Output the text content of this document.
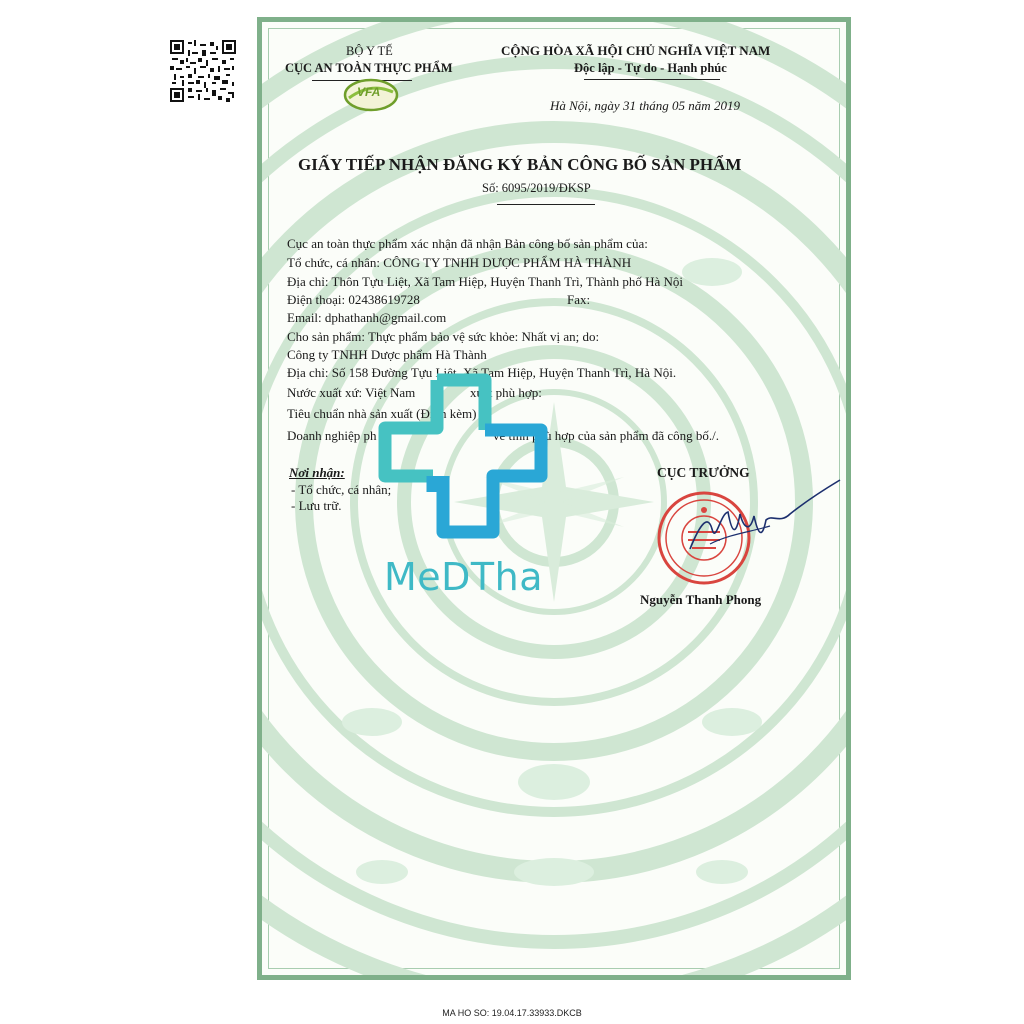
BỘ Y TẾ
CỤC AN TOÀN THỰC PHẨM
VFA
CỘNG HÒA XÃ HỘI CHỦ NGHĨA VIỆT NAM
Độc lập - Tự do - Hạnh phúc
Hà Nội, ngày 31 tháng 05 năm 2019
GIẤY TIẾP NHẬN ĐĂNG KÝ BẢN CÔNG BỐ SẢN PHẨM
Số: 6095/2019/ĐKSP
Cục an toàn thực phẩm xác nhận đã nhận Bản công bố sản phẩm của:
Tổ chức, cá nhân: CÔNG TY TNHH DƯỢC PHẨM HÀ THÀNH
Địa chỉ: Thôn Tựu Liệt, Xã Tam Hiệp, Huyện Thanh Trì, Thành phố Hà Nội
Điện thoại: 02438619728	Fax:
Email: dphathanh@gmail.com
Cho sản phẩm: Thực phẩm bảo vệ sức khỏe: Nhất vị an; do:
Công ty TNHH Dược phẩm Hà Thành
Địa chỉ: Số 158 Đường Tựu Liệt, Xã Tam Hiệp, Huyện Thanh Trì, Hà Nội.
Nước xuất xứ: Việt Nam	xuất phù hợp:
Tiêu chuẩn nhà sản xuất (Đính kèm)
Doanh nghiệp ph	về tính phù hợp của sản phẩm đã công bố./.
Nơi nhận:
- Tổ chức, cá nhân;
- Lưu trữ.
CỤC TRƯỞNG
Nguyễn Thanh Phong
MeDTha
MA HO SO: 19.04.17.33933.DKCB
